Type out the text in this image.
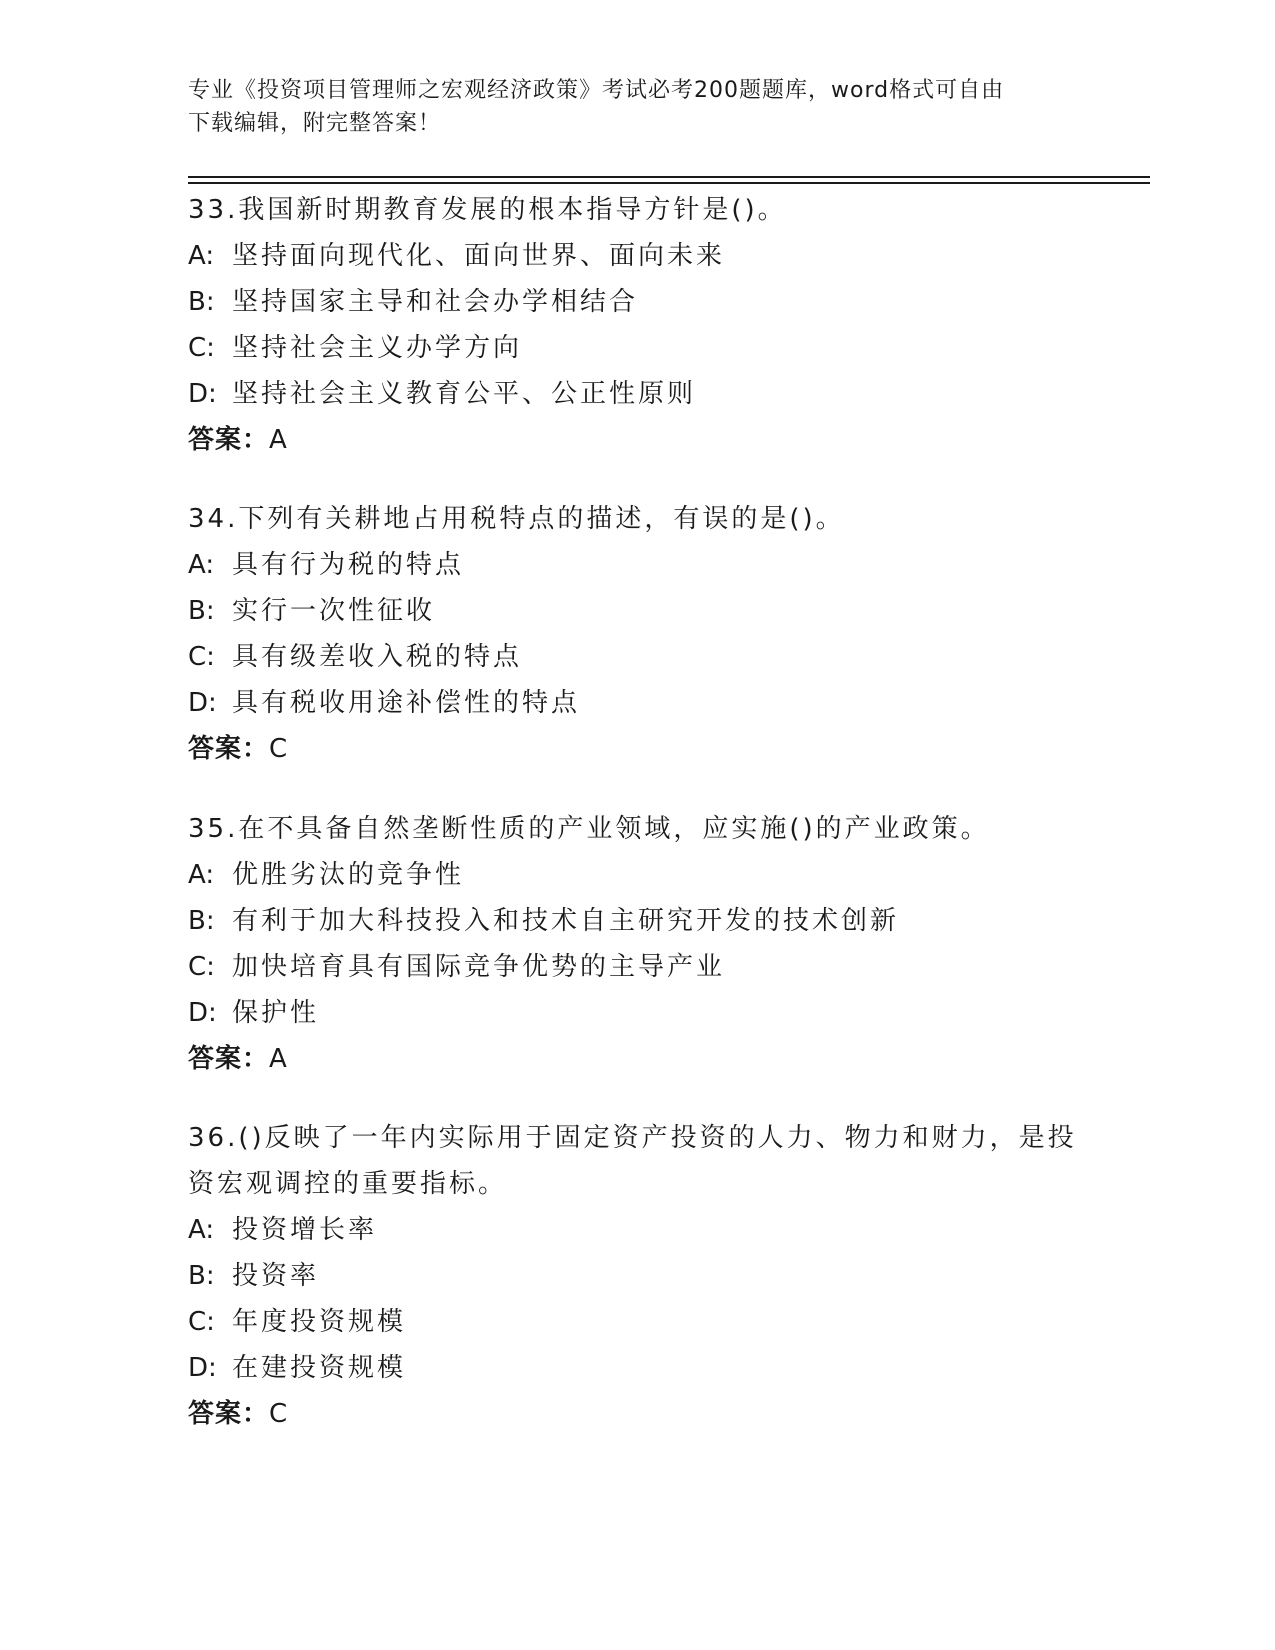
专业《投资项目管理师之宏观经济政策》考试必考200题题库，word格式可自由
下载编辑，附完整答案！

33.我国新时期教育发展的根本指导方针是()。

A: 坚持面向现代化、面向世界、面向未来

B: 坚持国家主导和社会办学相结合

C: 坚持社会主义办学方向

D: 坚持社会主义教育公平、公正性原则

答案：A

34.下列有关耕地占用税特点的描述，有误的是()。

A: 具有行为税的特点

B: 实行一次性征收

C: 具有级差收入税的特点

D: 具有税收用途补偿性的特点

答案：C

35.在不具备自然垄断性质的产业领域，应实施()的产业政策。

A: 优胜劣汰的竞争性

B: 有利于加大科技投入和技术自主研究开发的技术创新

C: 加快培育具有国际竞争优势的主导产业

D: 保护性

答案：A

36.()反映了一年内实际用于固定资产投资的人力、物力和财力，是投

资宏观调控的重要指标。

A: 投资增长率

B: 投资率

C: 年度投资规模

D: 在建投资规模

答案：C
